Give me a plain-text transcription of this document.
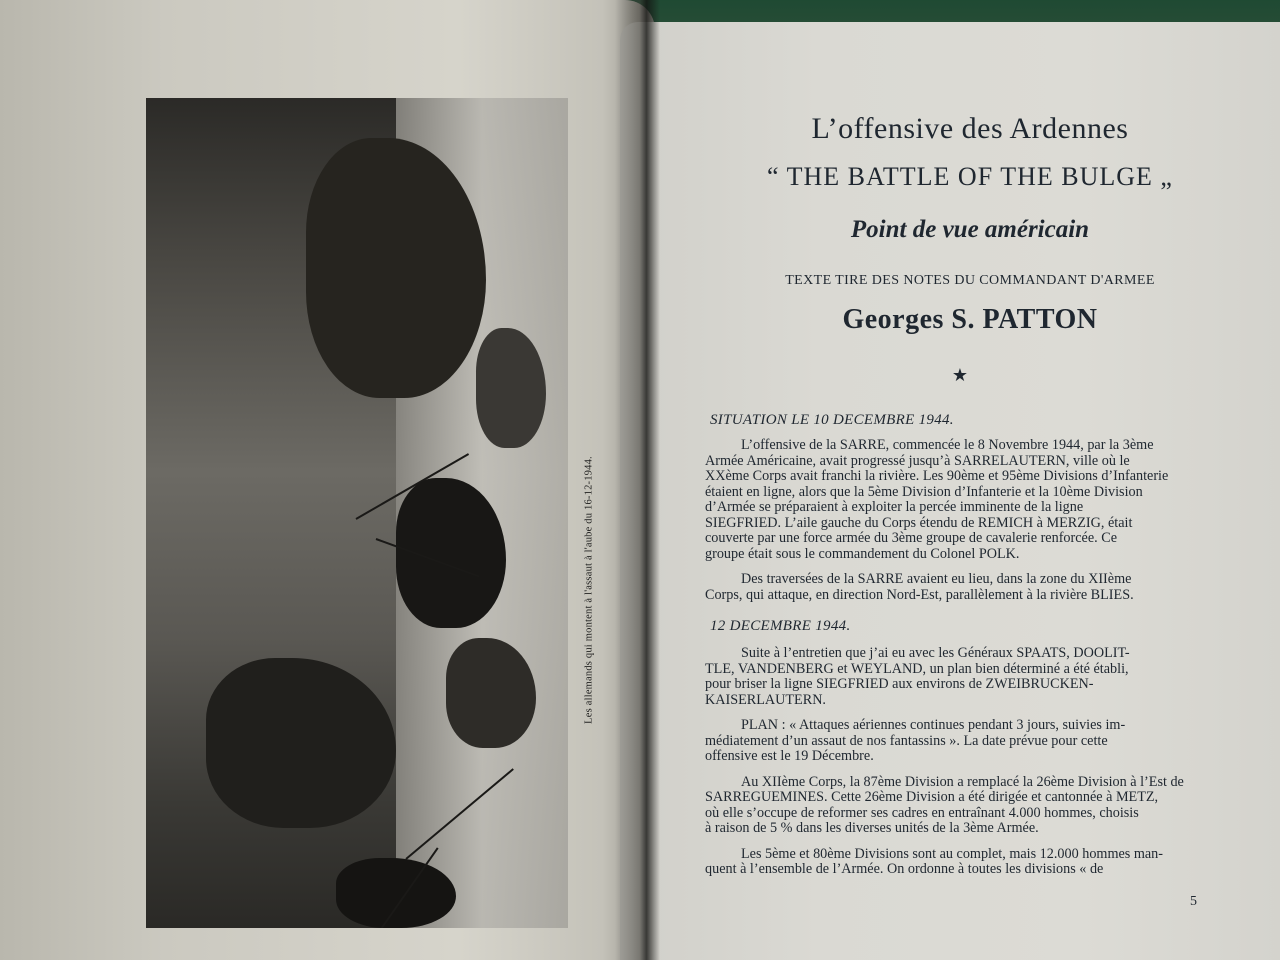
Les allemands qui montent à l'assaut à l'aube du 16-12-1944.
L’offensive des Ardennes
“ THE BATTLE OF THE BULGE „
Point de vue américain
TEXTE TIRE DES NOTES DU COMMANDANT D'ARMEE
Georges S. PATTON
★
SITUATION LE 10 DECEMBRE 1944.

L’offensive de la SARRE, commencée le 8 Novembre 1944, par la 3ème
Armée Américaine, avait progressé jusqu’à SARRELAUTERN, ville où le
XXème Corps avait franchi la rivière. Les 90ème et 95ème Divisions d’Infanterie
étaient en ligne, alors que la 5ème Division d’Infanterie et la 10ème Division
d’Armée se préparaient à exploiter la percée imminente de la ligne
SIEGFRIED. L’aile gauche du Corps étendu de REMICH à MERZIG, était
couverte par une force armée du 3ème groupe de cavalerie renforcée. Ce
groupe était sous le commandement du Colonel POLK.

Des traversées de la SARRE avaient eu lieu, dans la zone du XIIème
Corps, qui attaque, en direction Nord-Est, parallèlement à la rivière BLIES.

12 DECEMBRE 1944.

Suite à l’entretien que j’ai eu avec les Généraux SPAATS, DOOLIT-
TLE, VANDENBERG et WEYLAND, un plan bien déterminé a été établi,
pour briser la ligne SIEGFRIED aux environs de ZWEIBRUCKEN-
KAISERLAUTERN.

PLAN : « Attaques aériennes continues pendant 3 jours, suivies im-
médiatement d’un assaut de nos fantassins ». La date prévue pour cette
offensive est le 19 Décembre.

Au XIIème Corps, la 87ème Division a remplacé la 26ème Division à l’Est de
SARREGUEMINES. Cette 26ème Division a été dirigée et cantonnée à METZ,
où elle s’occupe de reformer ses cadres en entraînant 4.000 hommes, choisis
à raison de 5 % dans les diverses unités de la 3ème Armée.

Les 5ème et 80ème Divisions sont au complet, mais 12.000 hommes man-
quent à l’ensemble de l’Armée. On ordonne à toutes les divisions « de

5
